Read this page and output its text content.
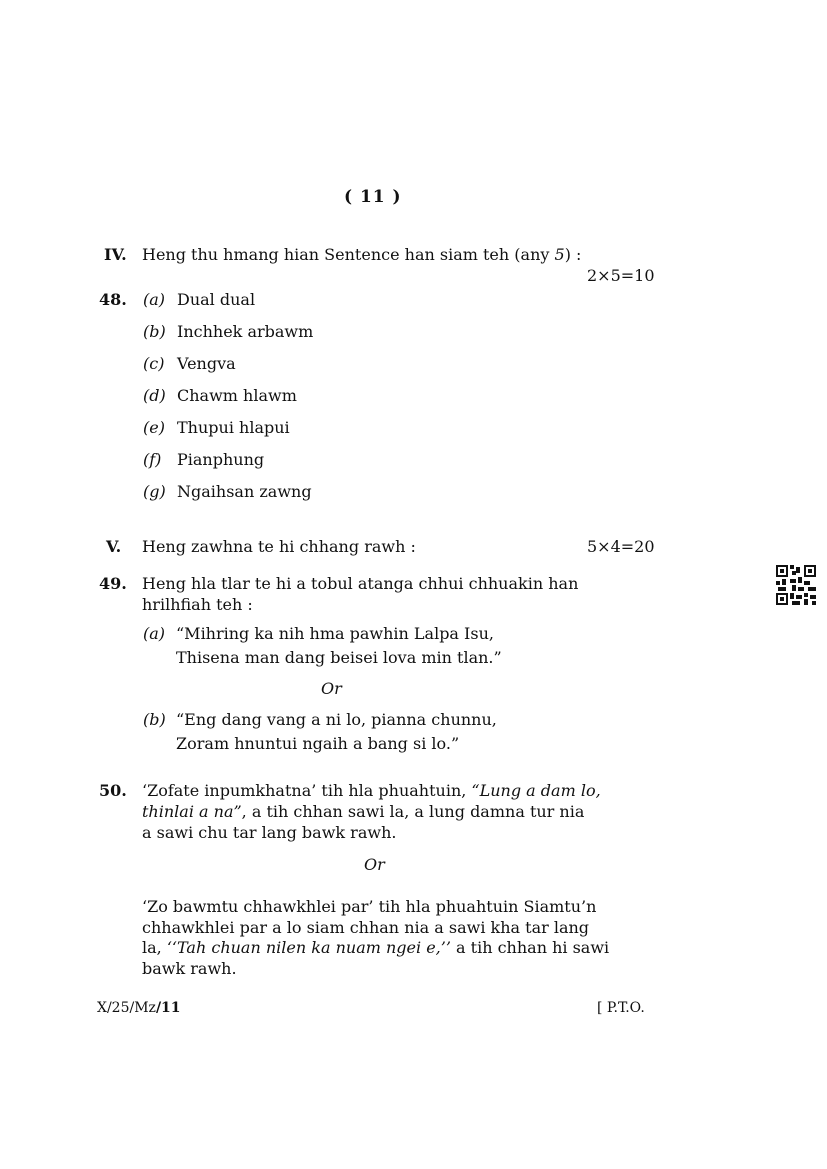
( 11 )
IV. Heng thu hmang hian Sentence han siam teh (any 5) :
2×5=10
48. (a) Dual dual
(b) Inchhek arbawm
(c) Vengva
(d) Chawm hlawm
(e) Thupui hlapui
(f) Pianphung
(g) Ngaihsan zawng
V. Heng zawhna te hi chhang rawh :	5×4=20
49. Heng hla tlar te hi a tobul atanga chhui chhuakin han
hrilhfiah teh :
(a) “Mihring ka nih hma pawhin Lalpa Isu,
Thisena man dang beisei lova min tlan.”
Or
(b) “Eng dang vang a ni lo, pianna chunnu,
Zoram hnuntui ngaih a bang si lo.”
50. ‘Zofate inpumkhatna’ tih hla phuahtuin, “Lung a dam lo,
thinlai a na”, a tih chhan sawi la, a lung damna tur nia
a sawi chu tar lang bawk rawh.
Or
‘Zo bawmtu chhawkhlei par’ tih hla phuahtuin Siamtu’n
chhawkhlei par a lo siam chhan nia a sawi kha tar lang
la, ‘‘Tah chuan nilen ka nuam ngei e,’’ a tih chhan hi sawi
bawk rawh.
X/25/Mz/11	[ P.T.O.
